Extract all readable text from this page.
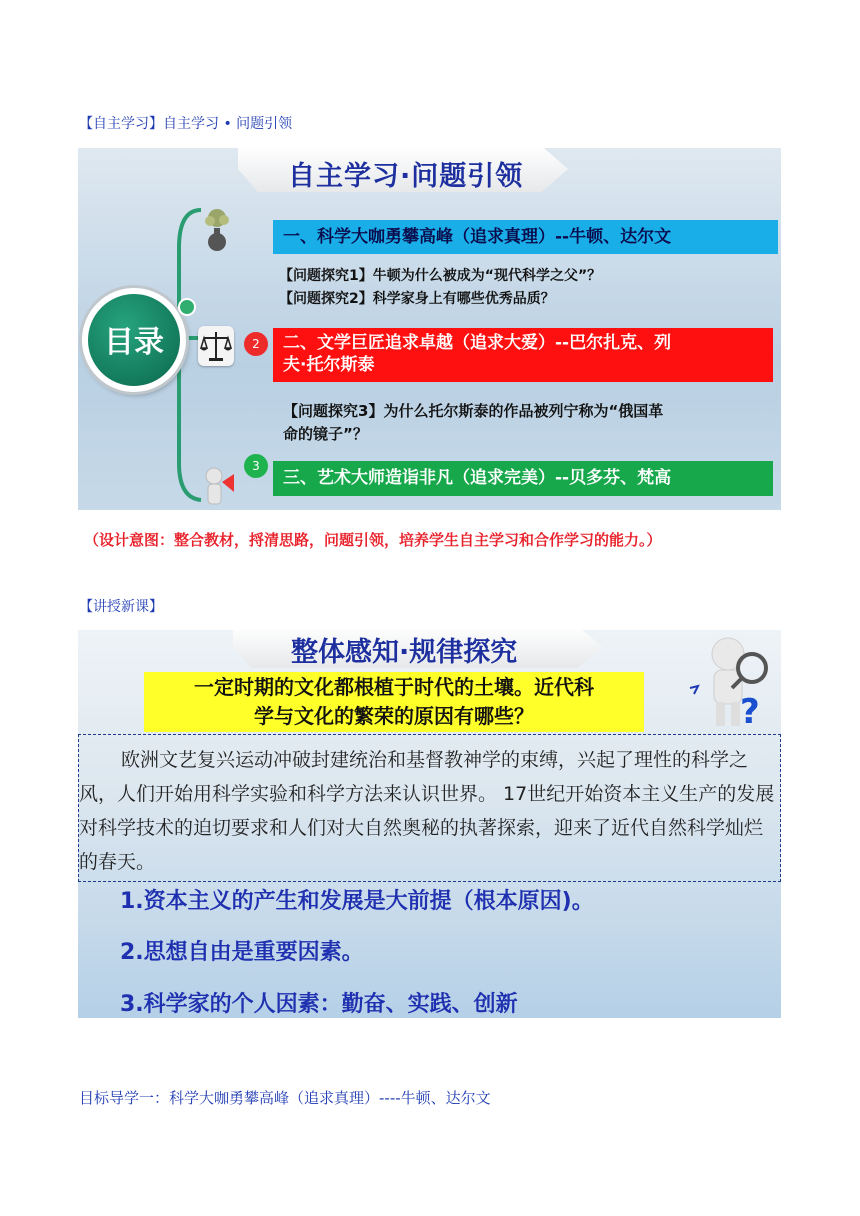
【自主学习】自主学习 • 问题引领
自主学习·问题引领
目录
一、科学大咖勇攀高峰（追求真理）--牛顿、达尔文
【问题探究1】牛顿为什么被成为“现代科学之父”？
【问题探究2】科学家身上有哪些优秀品质？
2	二、文学巨匠追求卓越（追求大爱）--巴尔扎克、列
夫·托尔斯泰
【问题探究3】为什么托尔斯泰的作品被列宁称为“俄国革
命的镜子”？
3
三、艺术大师造诣非凡（追求完美）--贝多芬、梵高
（设计意图：整合教材，捋清思路，问题引领，培养学生自主学习和合作学习的能力。）
【讲授新课】
整体感知·规律探究
一定时期的文化都根植于时代的土壤。近代科
学与文化的繁荣的原因有哪些？	?

欧洲文艺复兴运动冲破封建统治和基督教神学的束缚，兴起了理性的科学之风，人们开始用科学实验和科学方法来认识世界。 17世纪开始资本主义生产的发展对科学技术的迫切要求和人们对大自然奥秘的执著探索，迎来了近代自然科学灿烂的春天。

1.资本主义的产生和发展是大前提（根本原因)。
2.思想自由是重要因素。
3.科学家的个人因素：勤奋、实践、创新
目标导学一：科学大咖勇攀高峰（追求真理）----牛顿、达尔文
